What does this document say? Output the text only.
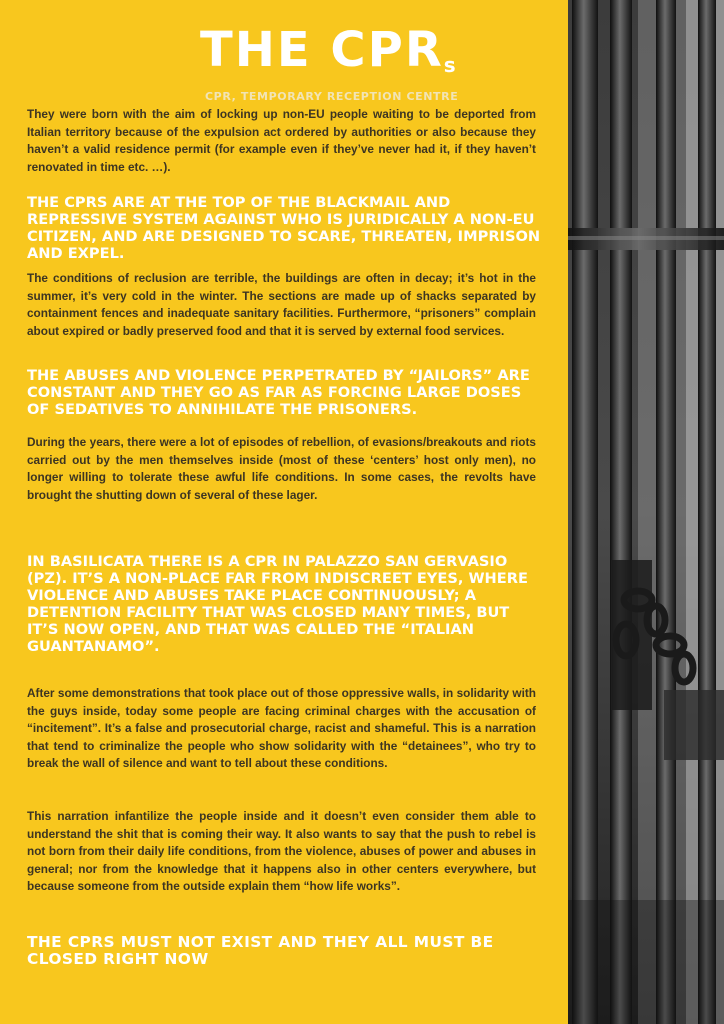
THE CPRs
CPR, TEMPORARY RECEPTION CENTRE
They were born with the aim of locking up non-EU people waiting to be deported from Italian territory because of the expulsion act ordered by authorities or also because they haven’t a valid residence permit (for example even if they’ve never had it, if they haven’t renovated in time etc. …).
THE CPRS ARE AT THE TOP OF THE BLACKMAIL AND REPRESSIVE SYSTEM AGAINST WHO IS JURIDICALLY A NON-EU CITIZEN, AND ARE DESIGNED TO SCARE, THREATEN, IMPRISON AND EXPEL.
The conditions of reclusion are terrible, the buildings are often in decay; it’s hot in the summer, it’s very cold in the winter. The sections are made up of shacks separated by containment fences and inadequate sanitary facilities. Furthermore, “prisoners” complain about expired or badly preserved food and that it is served by external food services.
THE ABUSES AND VIOLENCE PERPETRATED BY “JAILORS” ARE CONSTANT AND THEY GO AS FAR AS FORCING LARGE DOSES OF SEDATIVES TO ANNIHILATE THE PRISONERS.
During the years, there were a lot of episodes of rebellion, of evasions/breakouts and riots carried out by the men themselves inside (most of these ‘centers’ host only men), no longer willing to tolerate these awful life conditions. In some cases, the revolts have brought the shutting down of several of these lager.
IN BASILICATA THERE IS A CPR IN PALAZZO SAN GERVASIO (PZ). IT’S A NON-PLACE FAR FROM INDISCREET EYES, WHERE VIOLENCE AND ABUSES TAKE PLACE CONTINUOUSLY; A DETENTION FACILITY THAT WAS CLOSED MANY TIMES, BUT IT’S NOW OPEN, AND THAT WAS CALLED THE “ITALIAN GUANTANAMO”.
After some demonstrations that took place out of those oppressive walls, in solidarity with the guys inside, today some people are facing criminal charges with the accusation of “incitement”. It’s a false and prosecutorial charge, racist and shameful. This is a narration that tend to criminalize the people who show solidarity with the “detainees”, who try to break the wall of silence and want to tell about these conditions.
This narration infantilize the people inside and it doesn’t even consider them able to understand the shit that is coming their way. It also wants to say that the push to rebel is not born from their daily life conditions, from the violence, abuses of power and abuses in general; nor from the knowledge that it happens also in other centers everywhere, but because someone from the outside explain them “how life works”.
THE CPRS MUST NOT EXIST AND THEY ALL MUST BE CLOSED RIGHT NOW
